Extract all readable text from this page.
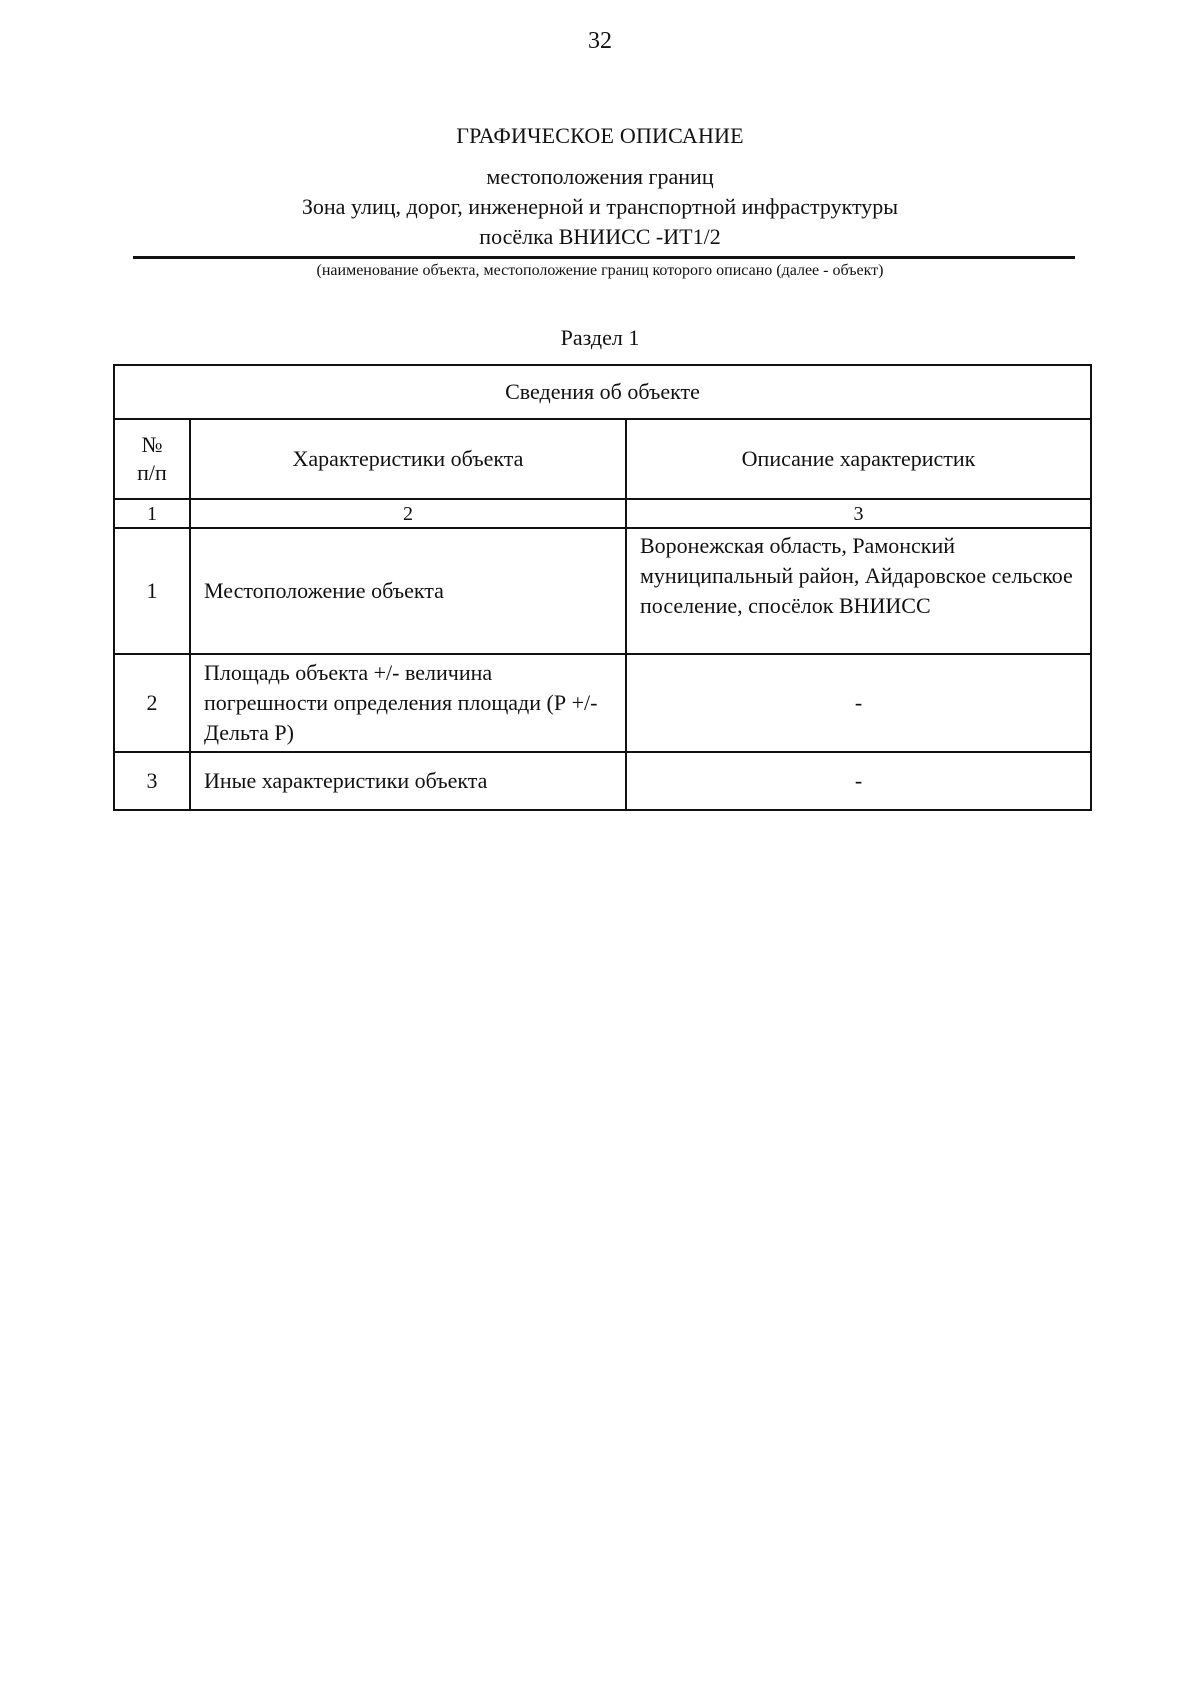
32
ГРАФИЧЕСКОЕ ОПИСАНИЕ
местоположения границ
Зона улиц, дорог, инженерной и транспортной инфраструктуры
посёлка ВНИИСС -ИТ1/2
(наименование объекта, местоположение границ которого описано (далее - объект)
Раздел 1
Сведения об объекте		

№
п/п	Характеристики объекта	Описание характеристик
1	2	3
1	Местоположение объекта	Воронежская область, Рамонский муниципальный район, Айдаровское сельское поселение, спосёлок ВНИИСС
2	Площадь объекта +/- величина погрешности определения площади (Р +/- Дельта Р)	-
3	Иные характеристики объекта	-
